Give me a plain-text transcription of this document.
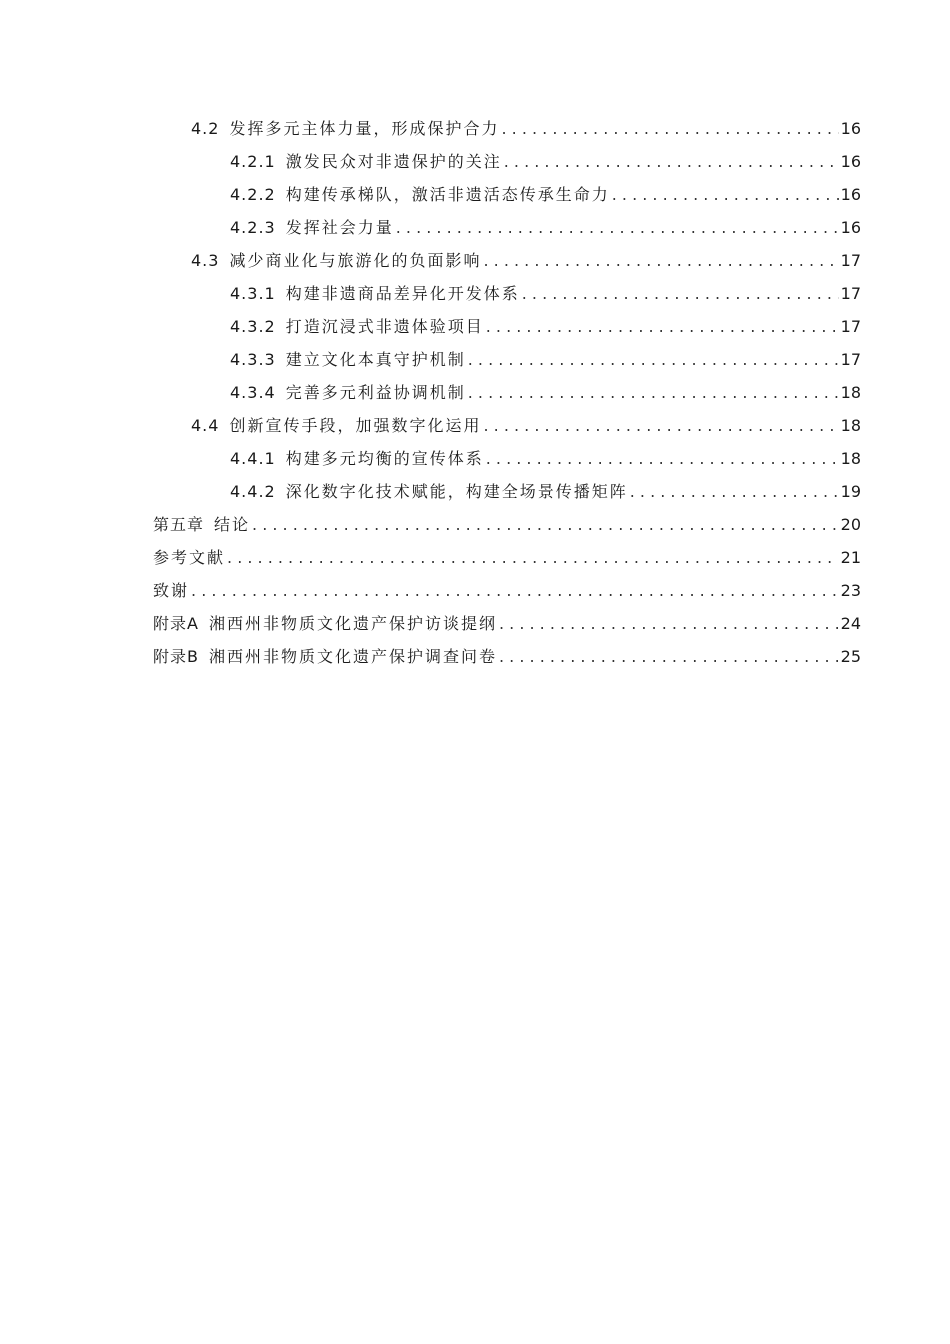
4.2 发挥多元主体力量，形成保护合力 . . .	16
4.2.1 激发民众对非遗保护的关注 . . .	16
4.2.2 构建传承梯队，激活非遗活态传承生命力 . . .	16
4.2.3 发挥社会力量 . . .	16
4.3 减少商业化与旅游化的负面影响 . . .	17
4.3.1 构建非遗商品差异化开发体系 . . .	17
4.3.2 打造沉浸式非遗体验项目 . . .	17
4.3.3 建立文化本真守护机制 . . .	17
4.3.4 完善多元利益协调机制 . . .	18
4.4 创新宣传手段，加强数字化运用 . . .	18
4.4.1 构建多元均衡的宣传体系 . . .	18
4.4.2 深化数字化技术赋能，构建全场景传播矩阵 . . .	19
第五章 结论 . . .	20
参考文献 . . .	21
致谢 . . .	23
附录A 湘西州非物质文化遗产保护访谈提纲 . . .	24
附录B 湘西州非物质文化遗产保护调查问卷 . . .	25
